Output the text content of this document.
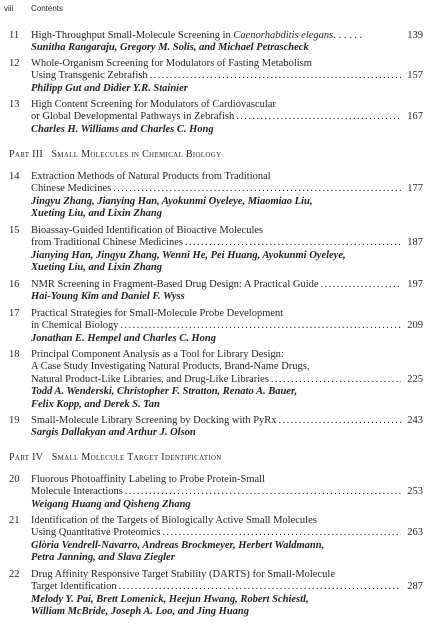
viii Contents
11 High-Throughput Small-Molecule Screening in Caenorhabditis elegans. . . . . .
Sunitha Rangaraju, Gregory M. Solis, and Michael Petrascheck
139
12 Whole-Organism Screening for Modulators of Fasting Metabolism
Using Transgenic Zebrafish
.....
Philipp Gut and Didier Y.R. Stainier
157
13 High Content Screening for Modulators of Cardiovascular
or Global Developmental Pathways in Zebrafish
.....
Charles H. Williams and Charles C. Hong
167
Part III Small Molecules in Chemical Biology
14 Extraction Methods of Natural Products from Traditional
Chinese Medicines
.....
Jingyu Zhang, Jianying Han, Ayokunmi Oyeleye, Miaomiao Liu,
Xueting Liu, and Lixin Zhang
177
15 Bioassay-Guided Identification of Bioactive Molecules
from Traditional Chinese Medicines
.....
Jianying Han, Jingyu Zhang, Wenni He, Pei Huang, Ayokunmi Oyeleye,
Xueting Liu, and Lixin Zhang
187
16 NMR Screening in Fragment-Based Drug Design: A Practical Guide
.....
Hai-Young Kim and Daniel F. Wyss
197
17 Practical Strategies for Small-Molecule Probe Development
in Chemical Biology
.....
Jonathan E. Hempel and Charles C. Hong
209
18 Principal Component Analysis as a Tool for Library Design:
A Case Study Investigating Natural Products, Brand-Name Drugs,
Natural Product-Like Libraries, and Drug-Like Libraries
.....
Todd A. Wenderski, Christopher F. Stratton, Renato A. Bauer,
Felix Kopp, and Derek S. Tan
225
19 Small-Molecule Library Screening by Docking with PyRx
.....
Sargis Dallakyan and Arthur J. Olson
243
Part IV Small Molecule Target Identification
20 Fluorous Photoaffinity Labeling to Probe Protein-Small
Molecule Interactions
.....
Weigang Huang and Qisheng Zhang
253
21 Identification of the Targets of Biologically Active Small Molecules
Using Quantitative Proteomics
.....
Glòria Vendrell-Navarro, Andreas Brockmeyer, Herbert Waldmann,
Petra Janning, and Slava Ziegler
263
22 Drug Affinity Responsive Target Stability (DARTS) for Small-Molecule
Target Identification
.....
Melody Y. Pai, Brett Lomenick, Heejun Hwang, Robert Schiestl,
William McBride, Joseph A. Loo, and Jing Huang
287
